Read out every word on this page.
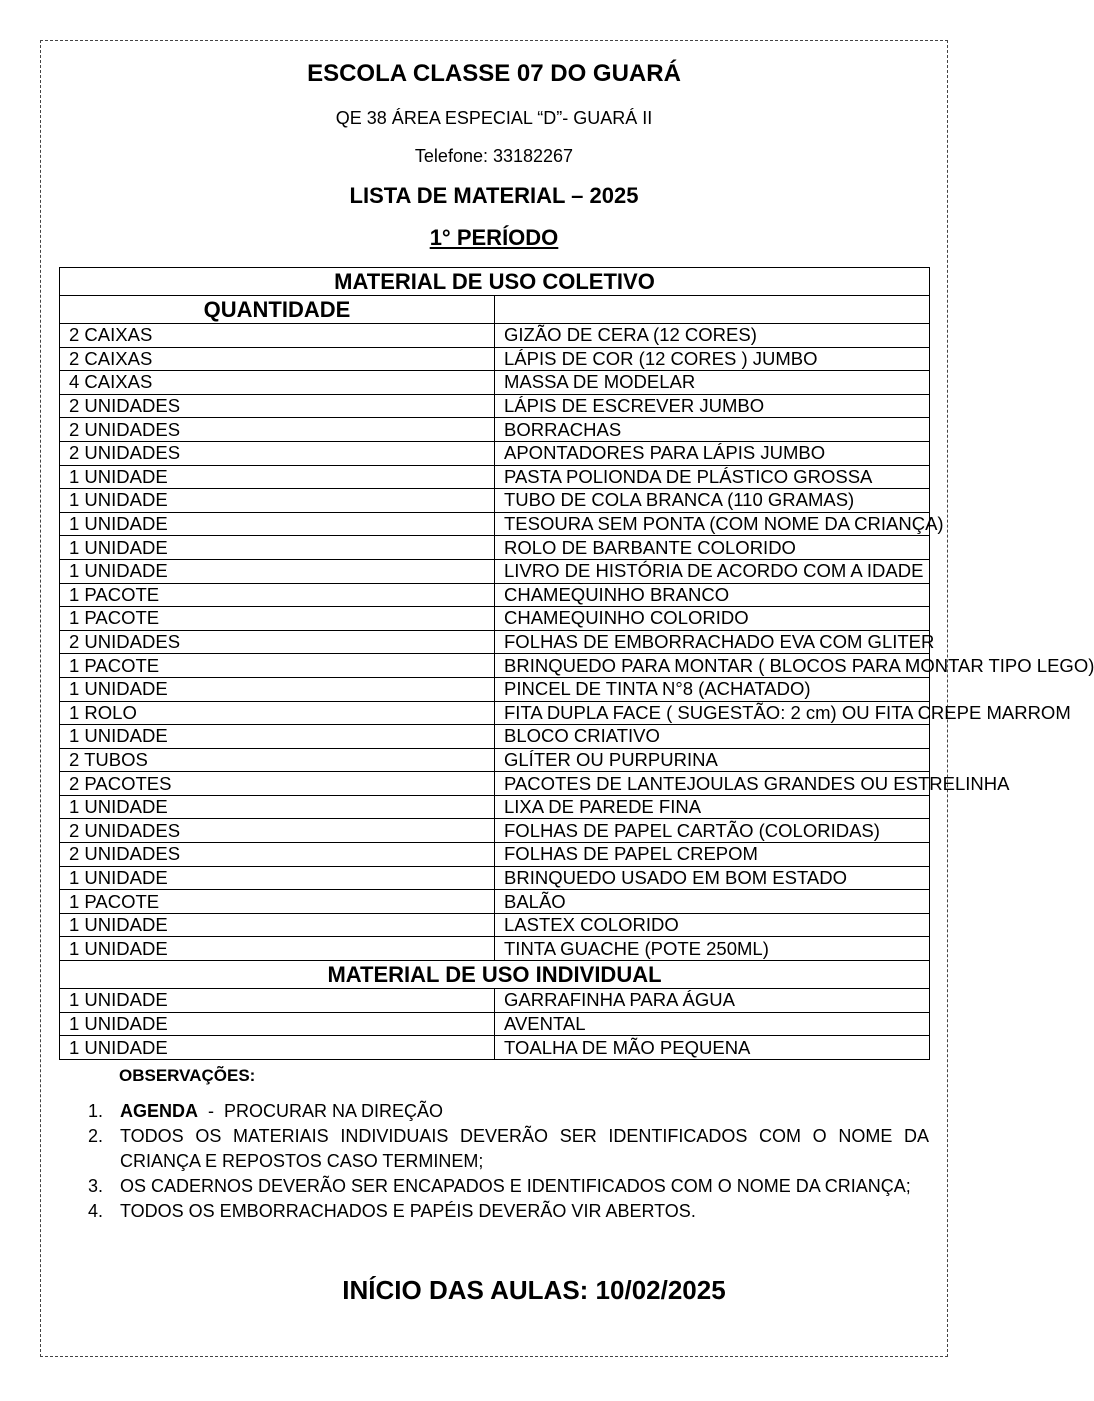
ESCOLA CLASSE 07 DO GUARÁ
QE 38 ÁREA ESPECIAL “D”- GUARÁ II
Telefone: 33182267
LISTA DE MATERIAL – 2025
1° PERÍODO
MATERIAL DE USO COLETIVO	
QUANTIDADE	
2 CAIXAS	GIZÃO DE CERA (12 CORES)
2 CAIXAS	LÁPIS DE COR (12 CORES ) JUMBO
4 CAIXAS	MASSA DE MODELAR
2 UNIDADES	LÁPIS DE ESCREVER JUMBO
2 UNIDADES	BORRACHAS
2 UNIDADES	APONTADORES PARA LÁPIS JUMBO
1 UNIDADE	PASTA POLIONDA DE PLÁSTICO GROSSA
1 UNIDADE	TUBO DE COLA BRANCA (110 GRAMAS)
1 UNIDADE	TESOURA SEM PONTA (COM NOME DA CRIANÇA)
1 UNIDADE	ROLO DE BARBANTE COLORIDO
1 UNIDADE	LIVRO DE HISTÓRIA DE ACORDO COM A IDADE
1 PACOTE	CHAMEQUINHO BRANCO
1 PACOTE	CHAMEQUINHO COLORIDO
2 UNIDADES	FOLHAS DE EMBORRACHADO EVA COM GLITER
1 PACOTE	BRINQUEDO PARA MONTAR ( BLOCOS PARA MONTAR TIPO LEGO)
1 UNIDADE	PINCEL DE TINTA N°8 (ACHATADO)
1 ROLO	FITA DUPLA FACE ( SUGESTÃO: 2 cm) OU FITA CREPE MARROM
1 UNIDADE	BLOCO CRIATIVO
2 TUBOS	GLÍTER OU PURPURINA
2 PACOTES	PACOTES DE LANTEJOULAS GRANDES OU ESTRELINHA
1 UNIDADE	LIXA DE PAREDE FINA
2 UNIDADES	FOLHAS DE PAPEL CARTÃO (COLORIDAS)
2 UNIDADES	FOLHAS DE PAPEL CREPOM
1 UNIDADE	BRINQUEDO USADO EM BOM ESTADO
1 PACOTE	BALÃO
1 UNIDADE	LASTEX COLORIDO
1 UNIDADE	TINTA GUACHE (POTE 250ML)
MATERIAL DE USO INDIVIDUAL	
1 UNIDADE	GARRAFINHA PARA ÁGUA
1 UNIDADE	AVENTAL
1 UNIDADE	TOALHA DE MÃO PEQUENA
OBSERVAÇÕES:
1. AGENDA  -  PROCURAR NA DIREÇÃO
2. TODOS OS MATERIAIS INDIVIDUAIS DEVERÃO SER IDENTIFICADOS COM O NOME DA CRIANÇA E REPOSTOS CASO TERMINEM;
3. OS CADERNOS DEVERÃO SER ENCAPADOS E IDENTIFICADOS COM O NOME DA CRIANÇA;
4. TODOS OS EMBORRACHADOS E PAPÉIS DEVERÃO VIR ABERTOS.
INÍCIO DAS AULAS: 10/02/2025
